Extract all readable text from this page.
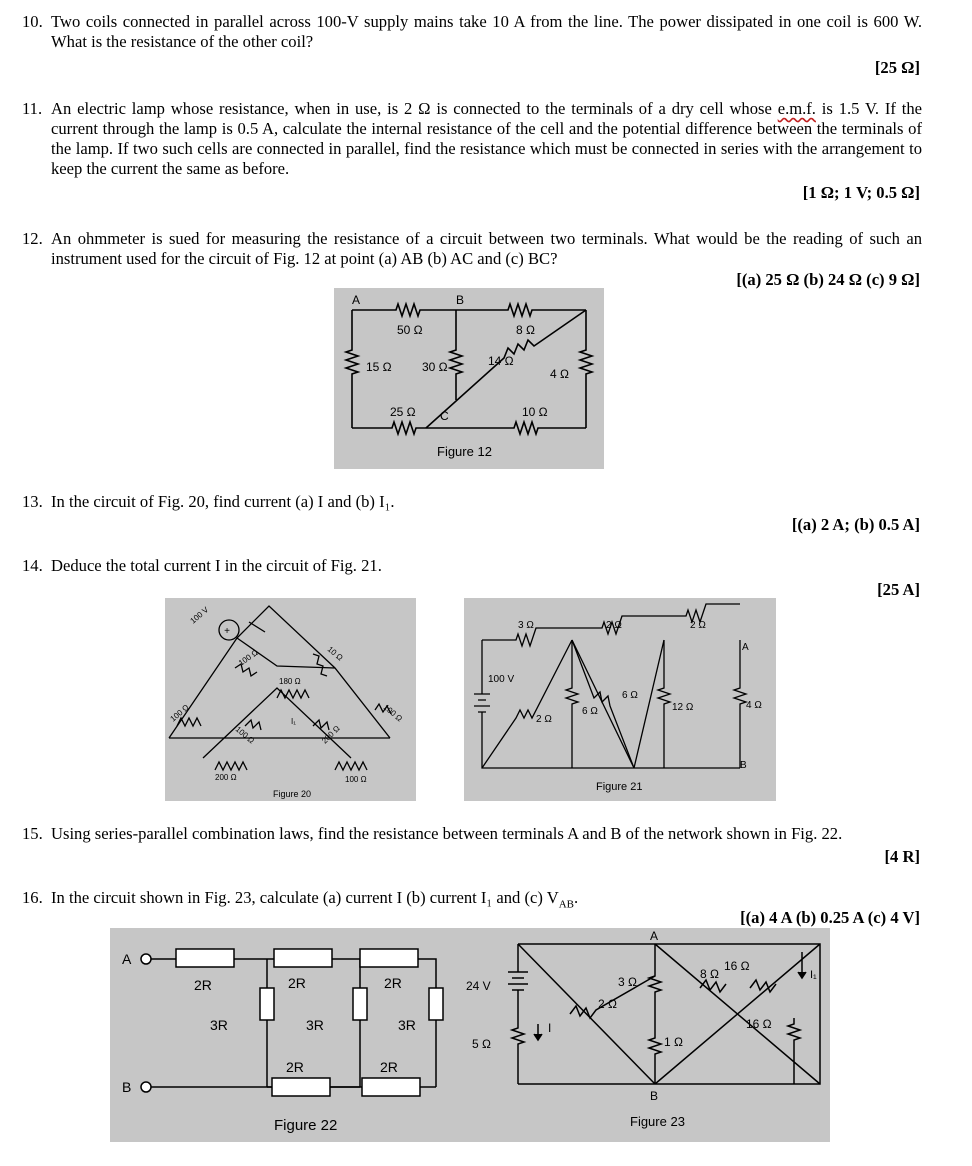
10. Two coils connected in parallel across 100-V supply mains take 10 A from the line. The power dissipated in one coil is 600 W. What is the resistance of the other coil?
[25 Ω]
11. An electric lamp whose resistance, when in use, is 2 Ω is connected to the terminals of a dry cell whose e.m.f. is 1.5 V. If the current through the lamp is 0.5 A, calculate the internal resistance of the cell and the potential difference between the terminals of the lamp. If two such cells are connected in parallel, find the resistance which must be connected in series with the arrangement to keep the current the same as before.
[1 Ω; 1 V; 0.5 Ω]
12. An ohmmeter is sued for measuring the resistance of a circuit between two terminals. What would be the reading of such an instrument used for the circuit of Fig. 12 at point (a) AB (b) AC and (c) BC?
[(a) 25 Ω (b) 24 Ω (c) 9 Ω]
A	B
C
50 Ω	8 Ω
15 Ω	30 Ω	14 Ω
4 Ω
25 Ω	10 Ω
Figure 12
13. In the circuit of Fig. 20, find current (a) I and (b) I₁.
[(a) 2 A; (b) 0.5 A]
14. Deduce the total current I in the circuit of Fig. 21.
[25 A]
+
100 V
100 Ω	10 Ω
180 Ω
I₁
100 Ω
100 Ω
100 Ω
200 Ω
200 Ω
100 Ω
Figure 20
3 Ω	2 Ω	2 Ω
100 V
2 Ω
6 Ω
6 Ω
12 Ω	4 Ω
A
B
Figure 21
15. Using series-parallel combination laws, find the resistance between terminals A and B of the network shown in Fig. 22.
[4 R]
16. In the circuit shown in Fig. 23, calculate (a) current I (b) current I₁ and (c) $V_{AB}$.
[(a) 4 A (b) 0.25 A (c) 4 V]
A
B
2R	2R	2R
3R	3R	3R
2R	2R
Figure 22
A
B
24 V
5 Ω
I
3 Ω
2 Ω
1 Ω
8 Ω
16 Ω
16 Ω
I₁
Figure 23
